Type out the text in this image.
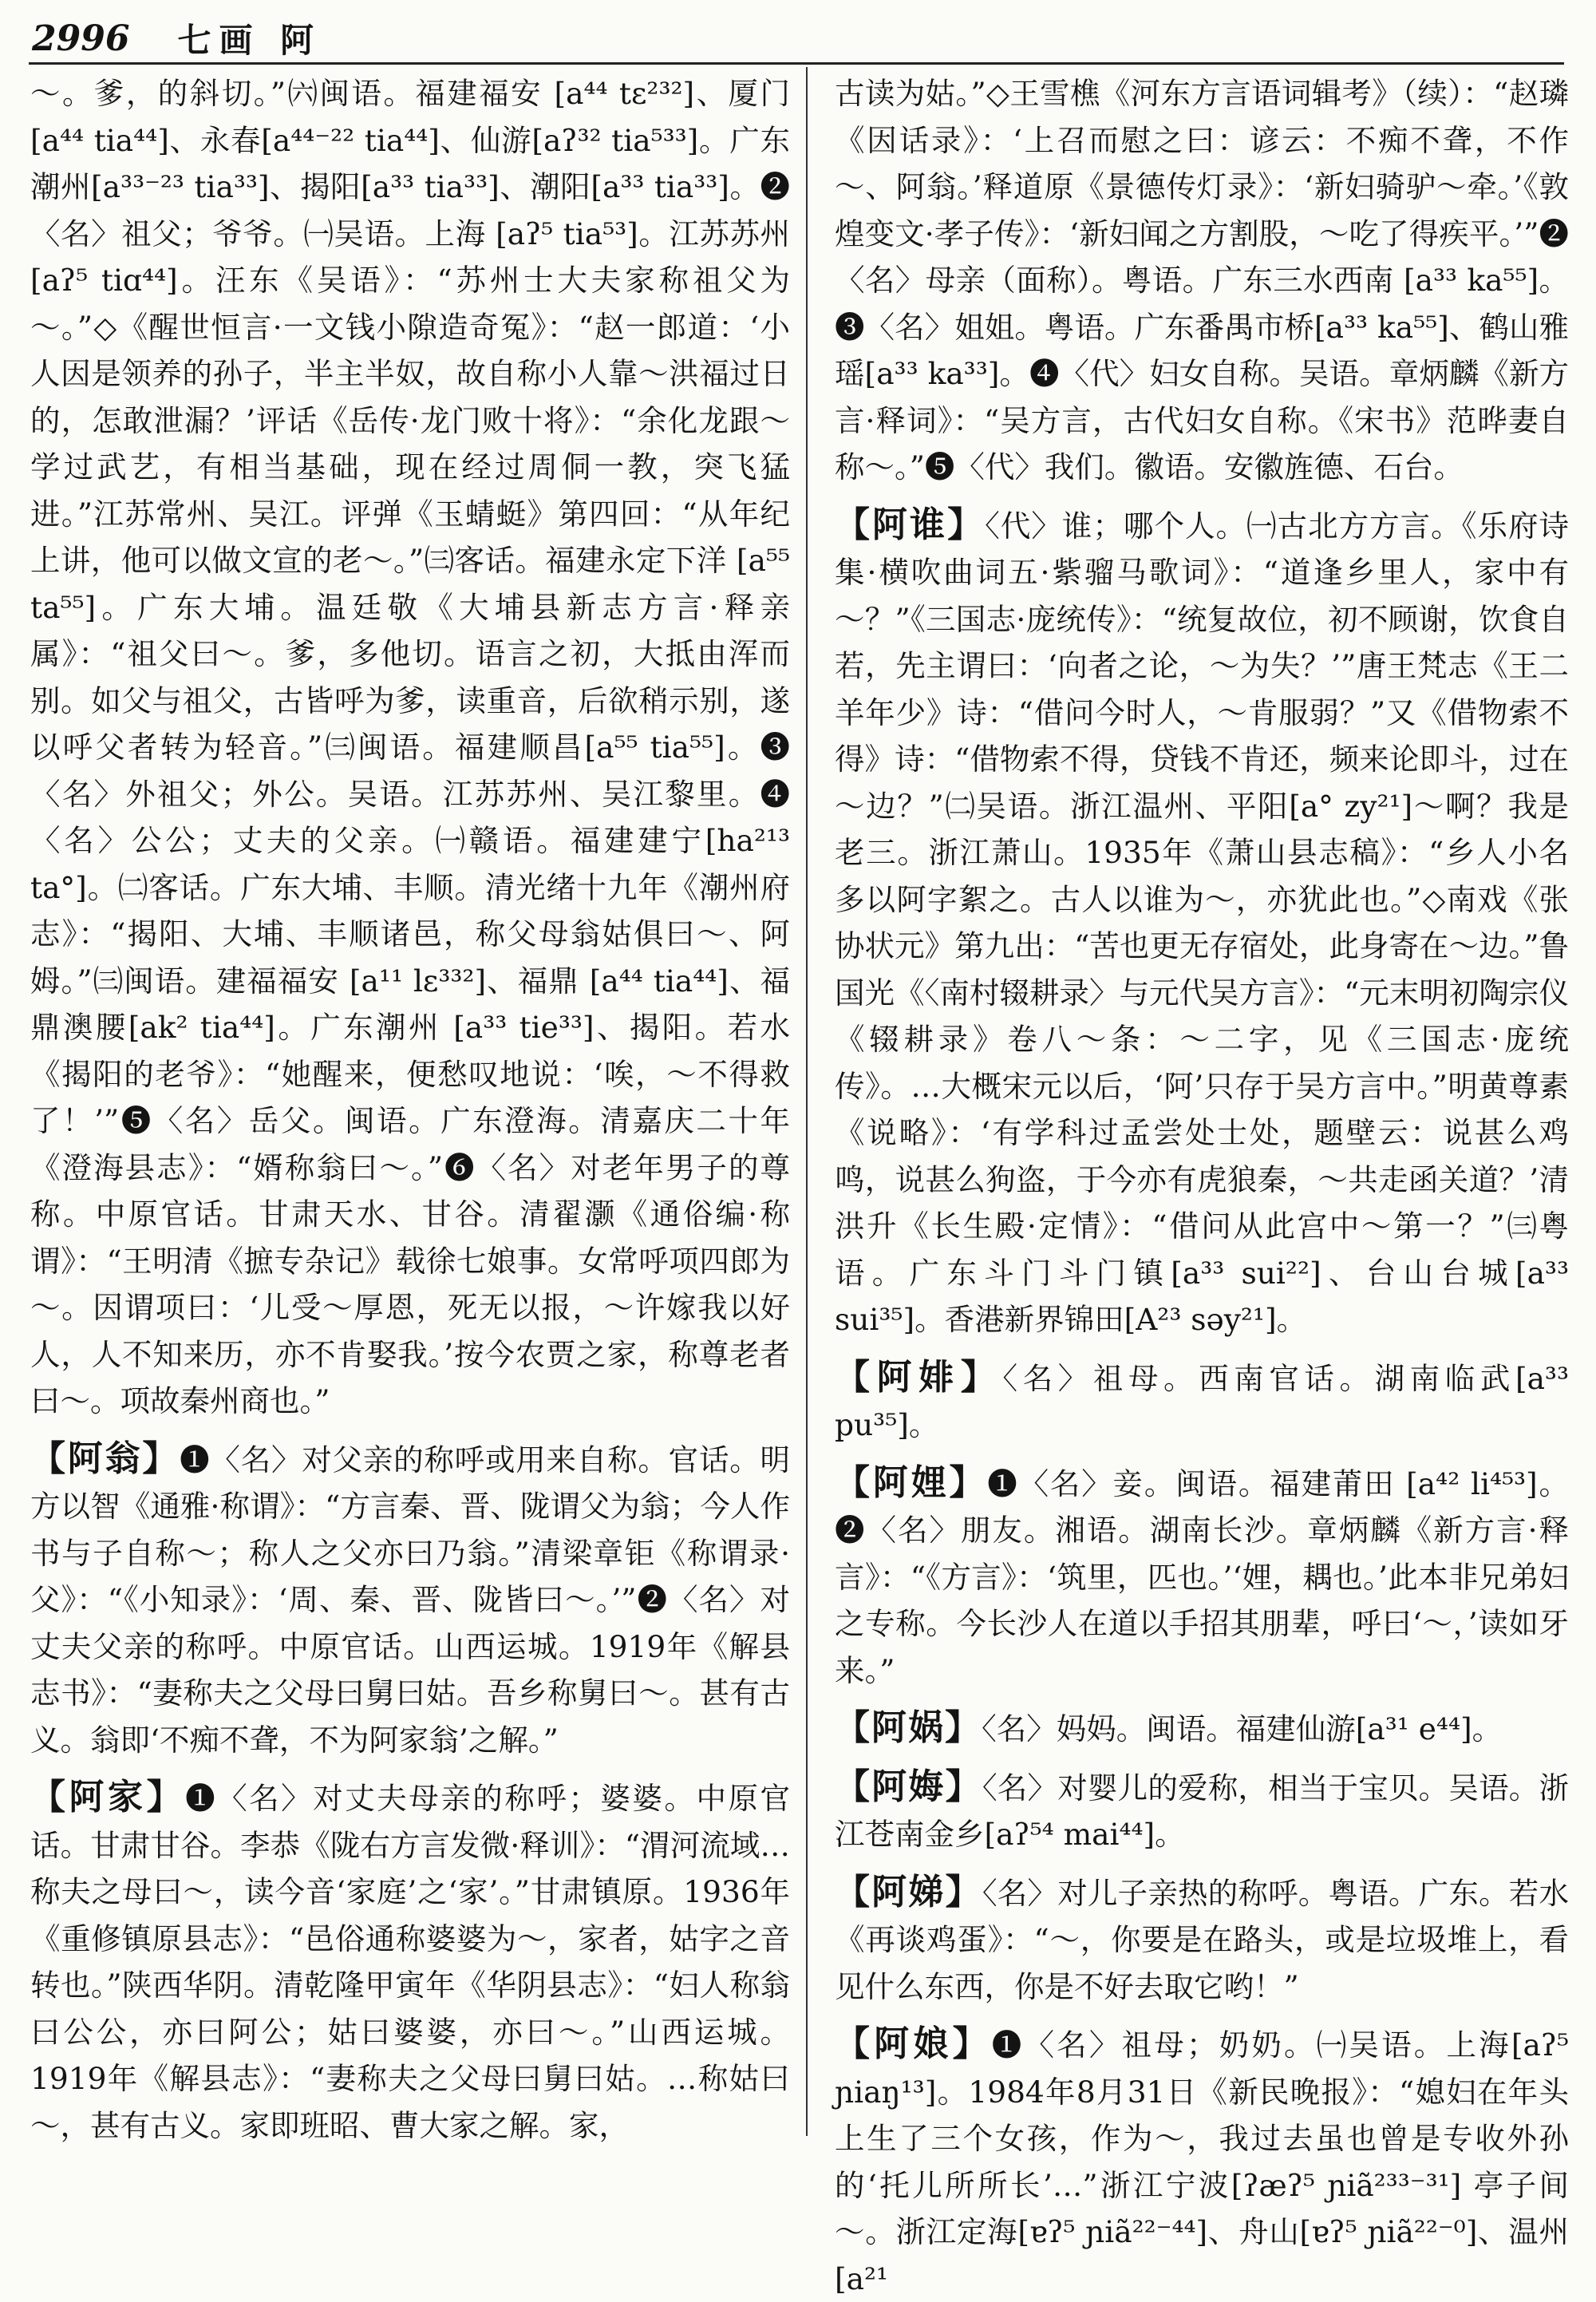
2996 七画 阿

～。爹，的斜切。”㈥闽语。福建福安 [a⁴⁴ tɛ²³²]、厦门 [a⁴⁴ tia⁴⁴]、永春[a⁴⁴⁻²² tia⁴⁴]、仙游[aʔ³² tia⁵³³]。广东潮州[a³³⁻²³ tia³³]、揭阳[a³³ tia³³]、潮阳[a³³ tia³³]。❷〈名〉祖父；爷爷。㈠吴语。上海 [aʔ⁵ tia⁵³]。江苏苏州[aʔ⁵ tiɑ⁴⁴]。汪东《吴语》：“苏州士大夫家称祖父为～。”◇《醒世恒言·一文钱小隙造奇冤》：“赵一郎道：‘小人因是领养的孙子，半主半奴，故自称小人靠～洪福过日的，怎敢泄漏？’评话《岳传·龙门败十将》：“余化龙跟～学过武艺，有相当基础，现在经过周侗一教，突飞猛进。”江苏常州、吴江。评弹《玉蜻蜓》第四回：“从年纪上讲，他可以做文宣的老～。”㈢客话。福建永定下洋 [a⁵⁵ ta⁵⁵]。广东大埔。温廷敬《大埔县新志方言·释亲属》：“祖父曰～。爹，多他切。语言之初，大抵由浑而别。如父与祖父，古皆呼为爹，读重音，后欲稍示别，遂以呼父者转为轻音。”㈢闽语。福建顺昌[a⁵⁵ tia⁵⁵]。❸〈名〉外祖父；外公。吴语。江苏苏州、吴江黎里。❹〈名〉公公；丈夫的父亲。㈠赣语。福建建宁[ha²¹³ ta°]。㈡客话。广东大埔、丰顺。清光绪十九年《潮州府志》：“揭阳、大埔、丰顺诸邑，称父母翁姑俱曰～、阿姆。”㈢闽语。建福福安 [a¹¹ lɛ³³²]、福鼎 [a⁴⁴ tia⁴⁴]、福鼎澳腰[ak² tia⁴⁴]。广东潮州 [a³³ tie³³]、揭阳。若水《揭阳的老爷》：“她醒来，便愁叹地说：‘唉，～不得救了！’”❺〈名〉岳父。闽语。广东澄海。清嘉庆二十年《澄海县志》：“婿称翁曰～。”❻〈名〉对老年男子的尊称。中原官话。甘肃天水、甘谷。清翟灏《通俗编·称谓》：“王明清《摭专杂记》载徐七娘事。女常呼项四郎为～。因谓项曰：‘儿受～厚恩，死无以报，～许嫁我以好人，人不知来历，亦不肯娶我。’按今农贾之家，称尊老者曰～。项故秦州商也。”

【阿翁】❶〈名〉对父亲的称呼或用来自称。官话。明方以智《通雅·称谓》：“方言秦、晋、陇谓父为翁；今人作书与子自称～；称人之父亦曰乃翁。”清梁章钜《称谓录·父》：“《小知录》：‘周、秦、晋、陇皆曰～。’”❷〈名〉对丈夫父亲的称呼。中原官话。山西运城。1919年《解县志书》：“妻称夫之父母曰舅曰姑。吾乡称舅曰～。甚有古义。翁即‘不痴不聋，不为阿家翁’之解。”

【阿家】❶〈名〉对丈夫母亲的称呼；婆婆。中原官话。甘肃甘谷。李恭《陇右方言发微·释训》：“渭河流域…称夫之母曰～，读今音‘家庭’之‘家’。”甘肃镇原。1936年《重修镇原县志》：“邑俗通称婆婆为～，家者，姑字之音转也。”陕西华阴。清乾隆甲寅年《华阴县志》：“妇人称翁曰公公，亦曰阿公；姑曰婆婆，亦曰～。”山西运城。1919年《解县志》：“妻称夫之父母曰舅曰姑。…称姑曰～，甚有古义。家即班昭、曹大家之解。家，

古读为姑。”◇王雪樵《河东方言语词辑考》（续）：“赵璘《因话录》：‘上召而慰之曰：谚云：不痴不聋，不作～、阿翁。’释道原《景德传灯录》：‘新妇骑驴～牵。’《敦煌变文·孝子传》：‘新妇闻之方割股，～吃了得疾平。’”❷〈名〉母亲（面称）。粤语。广东三水西南 [a³³ ka⁵⁵]。❸〈名〉姐姐。粤语。广东番禺市桥[a³³ ka⁵⁵]、鹤山雅瑶[a³³ ka³³]。❹〈代〉妇女自称。吴语。章炳麟《新方言·释词》：“吴方言，古代妇女自称。《宋书》范晔妻自称～。”❺〈代〉我们。徽语。安徽旌德、石台。

【阿谁】〈代〉谁；哪个人。㈠古北方方言。《乐府诗集·横吹曲词五·紫骝马歌词》：“道逢乡里人，家中有～？”《三国志·庞统传》：“统复故位，初不顾谢，饮食自若，先主谓曰：‘向者之论，～为失？’”唐王梵志《王二羊年少》诗：“借问今时人，～肯服弱？”又《借物索不得》诗：“借物索不得，贷钱不肯还，频来论即斗，过在～边？”㈡吴语。浙江温州、平阳[a° zy²¹]～啊？我是老三。浙江萧山。1935年《萧山县志稿》：“乡人小名多以阿字絮之。古人以谁为～，亦犹此也。”◇南戏《张协状元》第九出：“苦也更无存宿处，此身寄在～边。”鲁国光《〈南村辍耕录〉与元代吴方言》：“元末明初陶宗仪《辍耕录》卷八～条：～二字，见《三国志·庞统传》。…大概宋元以后，‘阿’只存于吴方言中。”明黄尊素《说略》：‘有学科过孟尝处士处，题壁云：说甚么鸡鸣，说甚么狗盗，于今亦有虎狼秦，～共走函关道？’清洪升《长生殿·定情》：“借问从此宫中～第一？”㈢粤语。广东斗门斗门镇[a³³ sui²²]、台山台城[a³³ sui³⁵]。香港新界锦田[A²³ səy²¹]。

【阿婔】〈名〉祖母。西南官话。湖南临武[a³³ pu³⁵]。

【阿娌】❶〈名〉妾。闽语。福建莆田 [a⁴² li⁴⁵³]。❷〈名〉朋友。湘语。湖南长沙。章炳麟《新方言·释言》：“《方言》：‘筑里，匹也。’‘娌，耦也。’此本非兄弟妇之专称。今长沙人在道以手招其朋辈，呼曰‘～，’读如牙来。”

【阿娲】〈名〉妈妈。闽语。福建仙游[a³¹ e⁴⁴]。

【阿娒】〈名〉对婴儿的爱称，相当于宝贝。吴语。浙江苍南金乡[aʔ⁵⁴ mai⁴⁴]。

【阿娣】〈名〉对儿子亲热的称呼。粤语。广东。若水《再谈鸡蛋》：“～，你要是在路头，或是垃圾堆上，看见什么东西，你是不好去取它哟！”

【阿娘】❶〈名〉祖母；奶奶。㈠吴语。上海[aʔ⁵ ɲiaŋ¹³]。1984年8月31日《新民晚报》：“媳妇在年头上生了三个女孩，作为～，我过去虽也曾是专收外孙的‘托儿所所长’…”浙江宁波[ʔæʔ⁵ ɲiã²³³⁻³¹] 亭子间～。浙江定海[ɐʔ⁵ ɲiã²²⁻⁴⁴]、舟山[ɐʔ⁵ ɲiã²²⁻⁰]、温州 [a²¹
